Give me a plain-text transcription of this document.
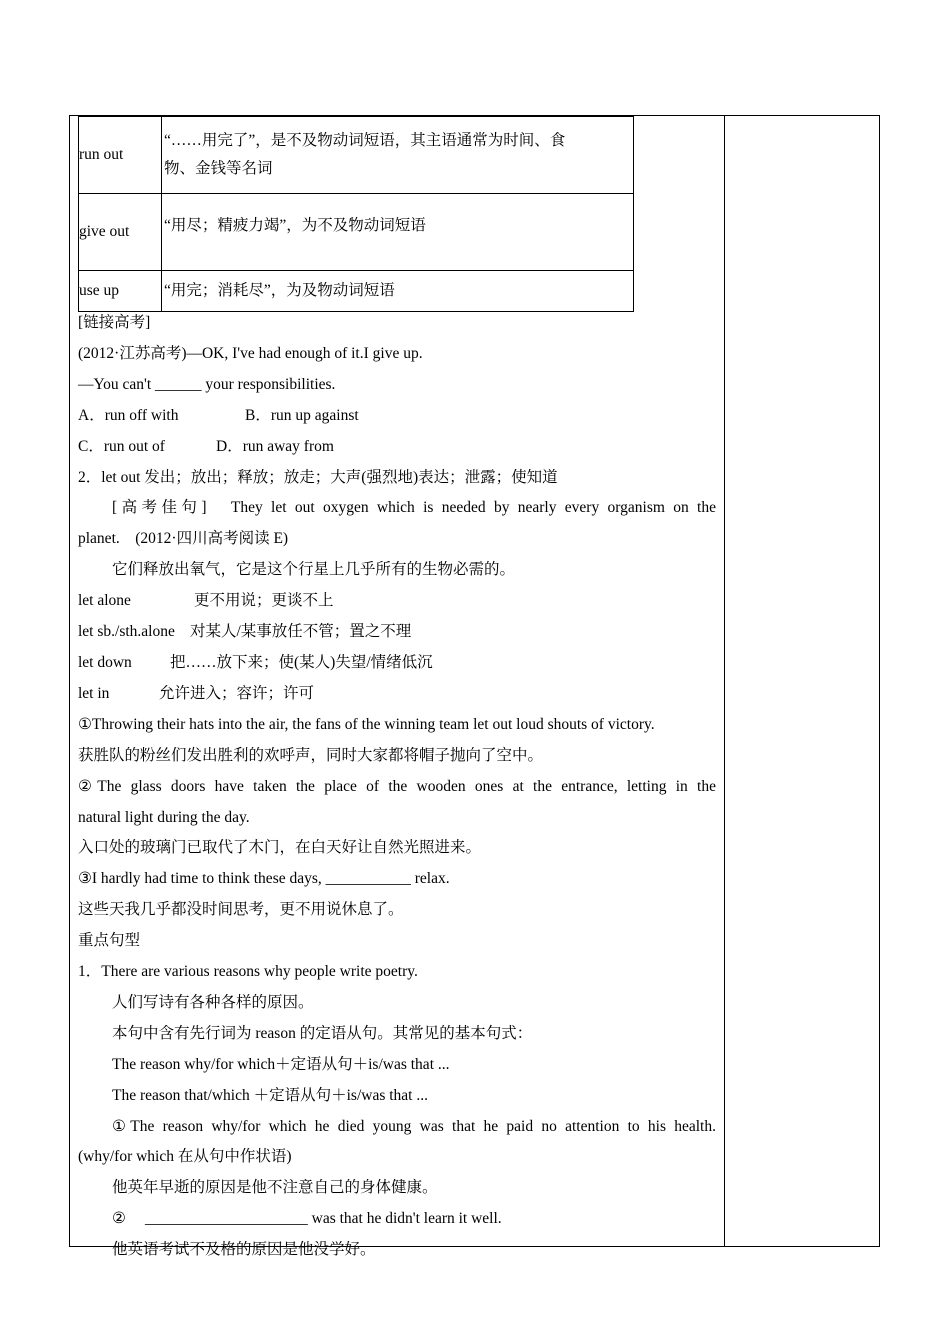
run out	“……用完了”，是不及物动词短语，其主语通常为时间、食
物、金钱等名词

give out	“用尽；精疲力竭”，为不及物动词短语

use up	“用完；消耗尽”，为及物动词短语
[链接高考]
(2012·江苏高考)—OK, I've had enough of it.I give up.
—You can't ______ your responsibilities.
A．run off with	B．run up against
C．run out of	D．run away from
2．let out 发出；放出；释放；放走；大声(强烈地)表达；泄露；使知道
[高考佳句]　They let out oxygen which is needed by nearly every organism on the
planet.　(2012·四川高考阅读 E)
它们释放出氧气，它是这个行星上几乎所有的生物必需的。
let alone	更不用说；更谈不上
let sb./sth.alone 对某人/某事放任不管；置之不理
let down 把……放下来；使(某人)失望/情绪低沉
let in	允许进入；容许；许可
①Throwing their hats into the air, the fans of the winning team let out loud shouts of victory.
获胜队的粉丝们发出胜利的欢呼声，同时大家都将帽子抛向了空中。
②The glass doors have taken the place of the wooden ones at the entrance, letting in the
natural light during the day.
入口处的玻璃门已取代了木门，在白天好让自然光照进来。
③I hardly had time to think these days, ___________ relax.
这些天我几乎都没时间思考，更不用说休息了。
重点句型
1．There are various reasons why people write poetry.
人们写诗有各种各样的原因。
本句中含有先行词为 reason 的定语从句。其常见的基本句式：
The reason why/for which＋定语从句＋is/was that ...
The reason that/which ＋定语从句＋is/was that ...
①The reason why/for which he died young was that he paid no attention to his health.
(why/for which 在从句中作状语)
他英年早逝的原因是他不注意自己的身体健康。
② _____________________ was that he didn't learn it well.
他英语考试不及格的原因是他没学好。
